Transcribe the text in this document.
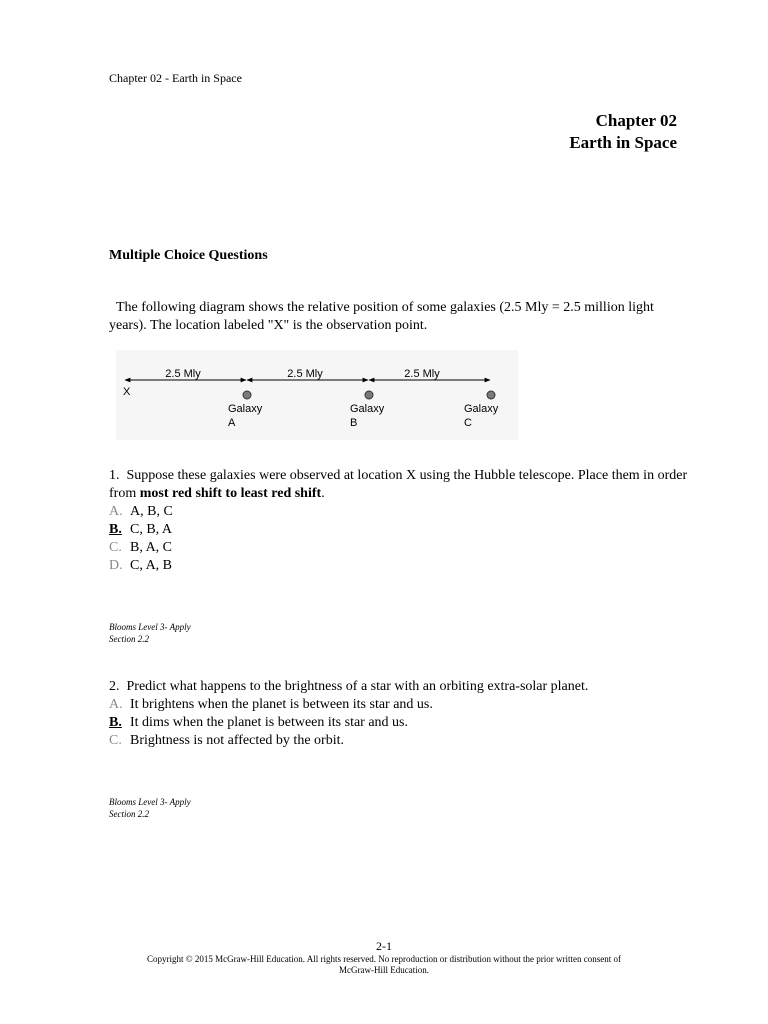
Chapter 02 - Earth in Space
Chapter 02
Earth in Space
Multiple Choice Questions
The following diagram shows the relative position of some galaxies (2.5 Mly = 2.5 million light years). The location labeled "X" is the observation point.
2.5 Mly	2.5 Mly	2.5 Mly
X
Galaxy
A
Galaxy
B
Galaxy
C
1. Suppose these galaxies were observed at location X using the Hubble telescope. Place them in order from most red shift to least red shift.
A. A, B, C
B. C, B, A
C. B, A, C
D. C, A, B
Blooms Level 3- Apply
Section 2.2
2. Predict what happens to the brightness of a star with an orbiting extra-solar planet.
A. It brightens when the planet is between its star and us.
B. It dims when the planet is between its star and us.
C. Brightness is not affected by the orbit.
Blooms Level 3- Apply
Section 2.2
2-1
Copyright © 2015 McGraw-Hill Education. All rights reserved. No reproduction or distribution without the prior written consent of
McGraw-Hill Education.
